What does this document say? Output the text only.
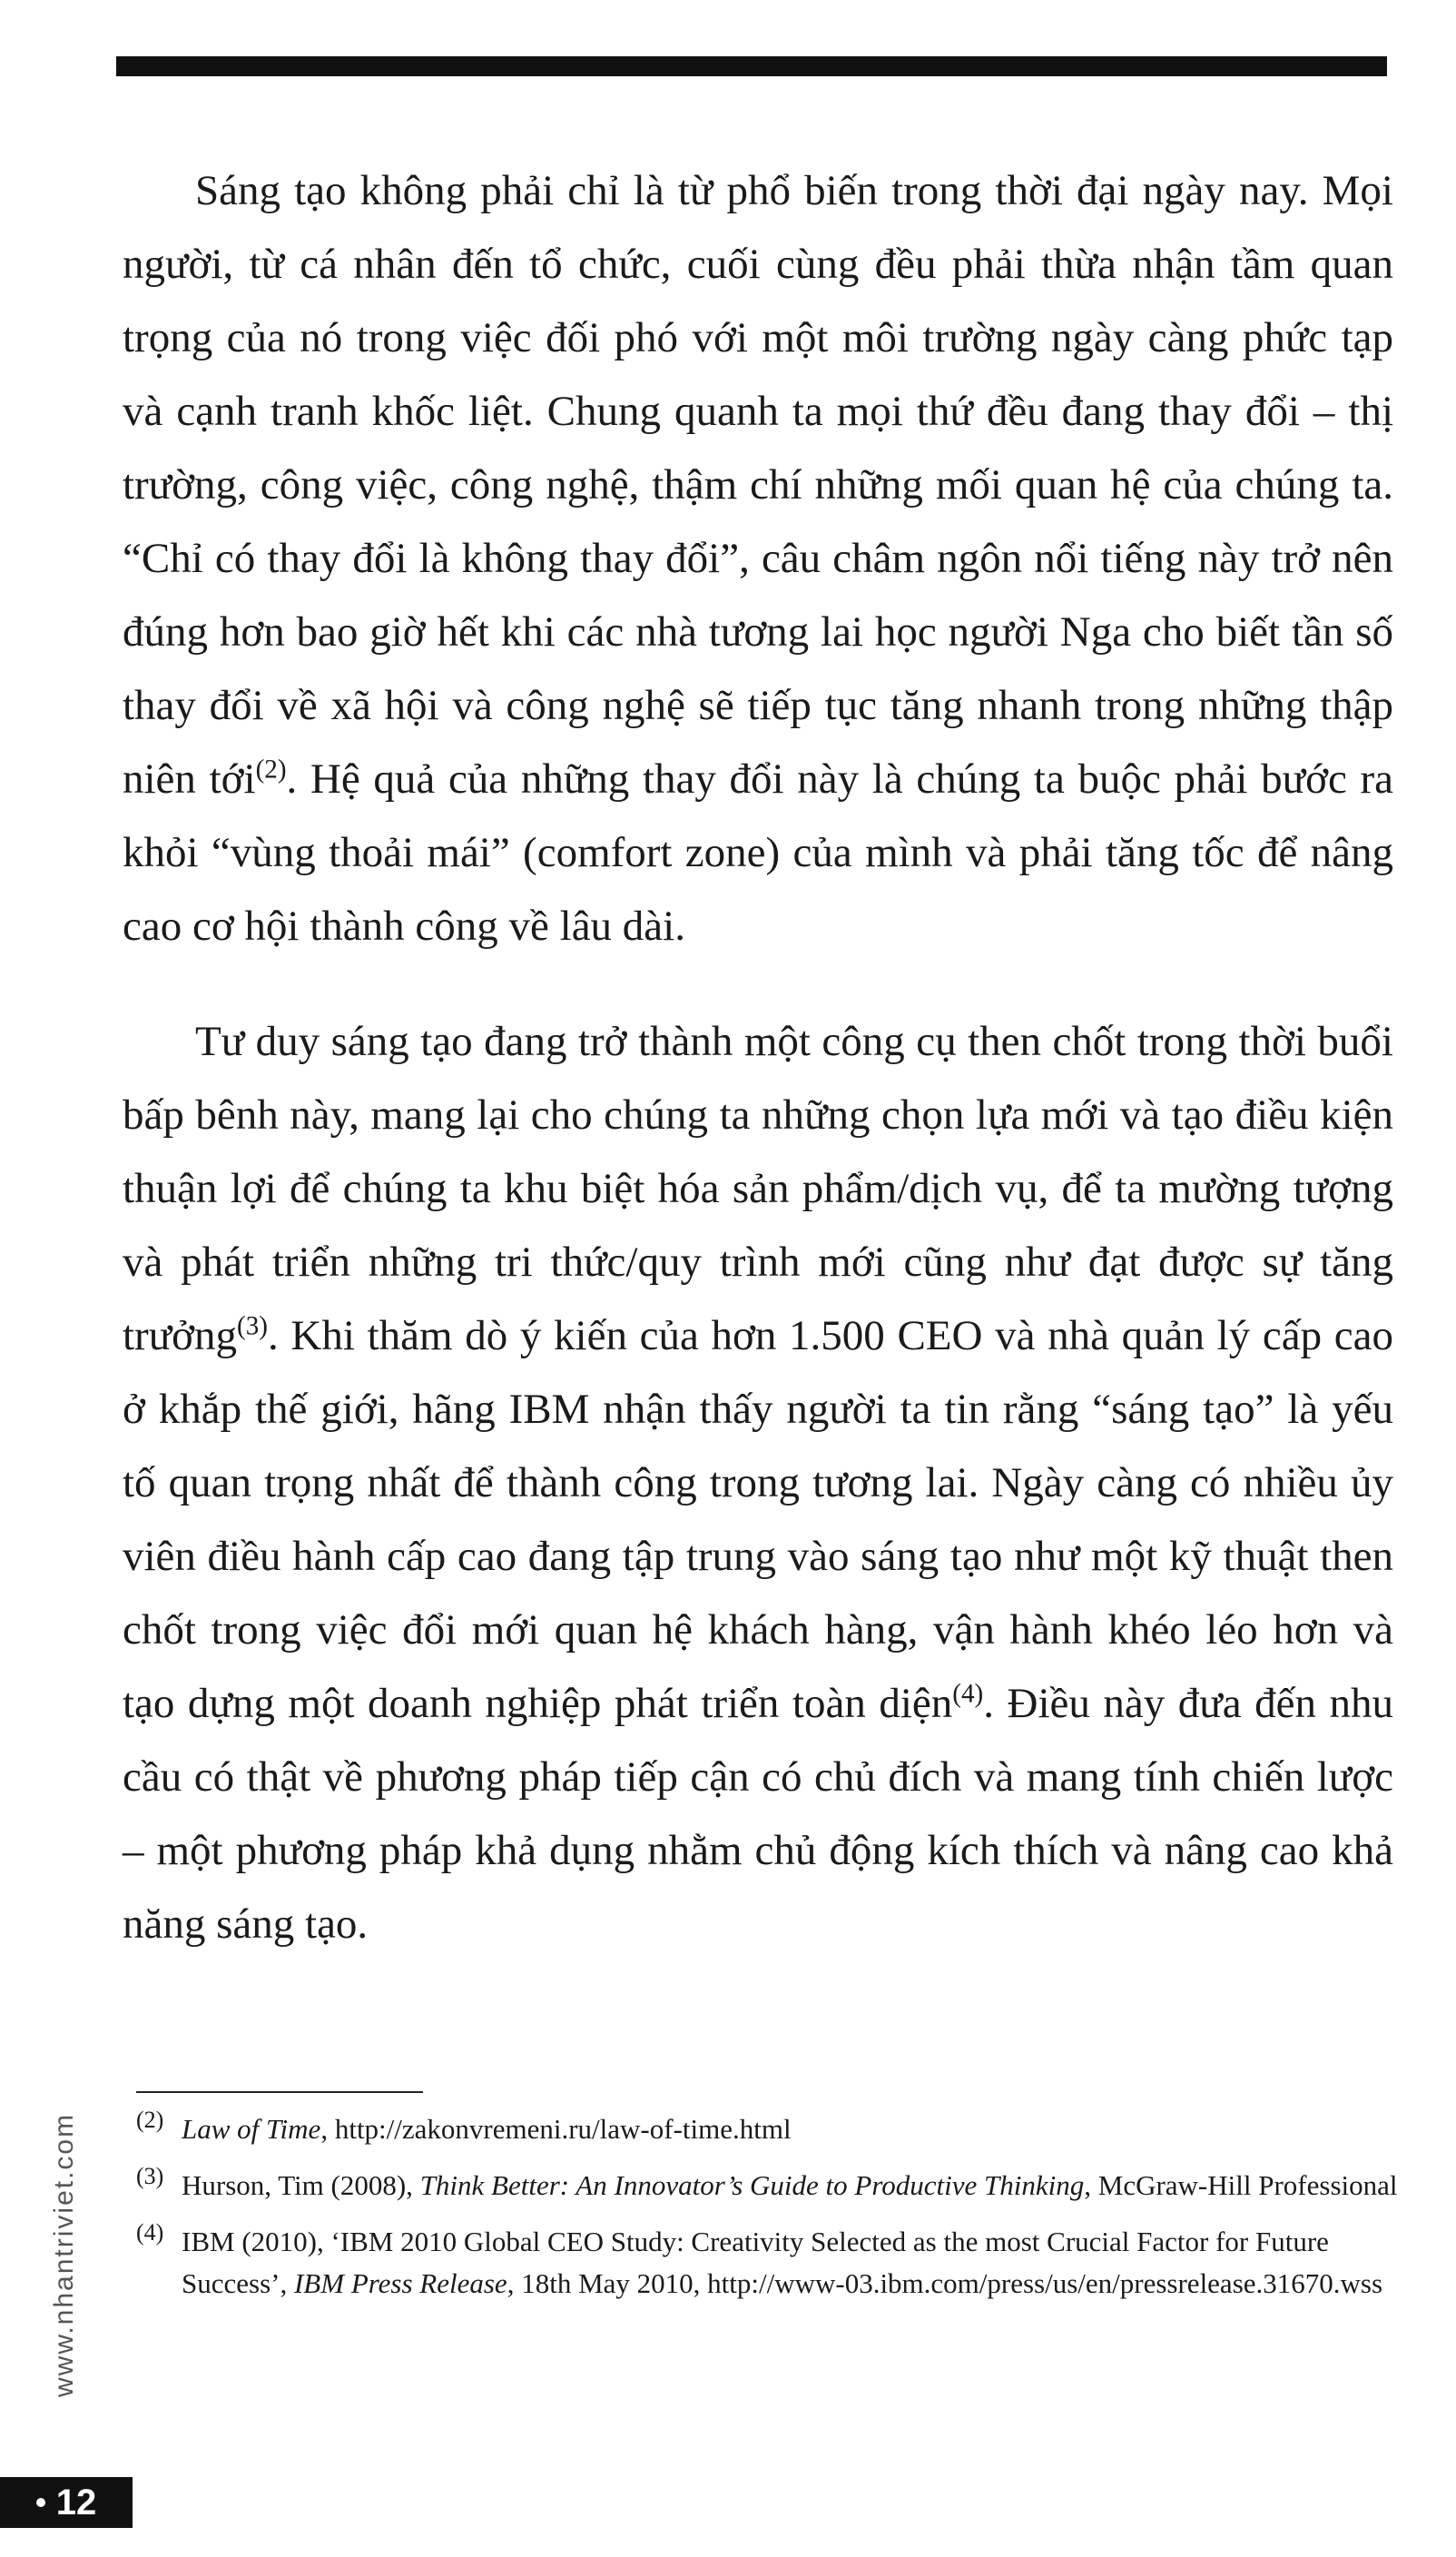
Sáng tạo không phải chỉ là từ phổ biến trong thời đại ngày nay. Mọi người, từ cá nhân đến tổ chức, cuối cùng đều phải thừa nhận tầm quan trọng của nó trong việc đối phó với một môi trường ngày càng phức tạp và cạnh tranh khốc liệt. Chung quanh ta mọi thứ đều đang thay đổi – thị trường, công việc, công nghệ, thậm chí những mối quan hệ của chúng ta. “Chỉ có thay đổi là không thay đổi”, câu châm ngôn nổi tiếng này trở nên đúng hơn bao giờ hết khi các nhà tương lai học người Nga cho biết tần số thay đổi về xã hội và công nghệ sẽ tiếp tục tăng nhanh trong những thập niên tới$^{(2)}$. Hệ quả của những thay đổi này là chúng ta buộc phải bước ra khỏi “vùng thoải mái” (comfort zone) của mình và phải tăng tốc để nâng cao cơ hội thành công về lâu dài.

Tư duy sáng tạo đang trở thành một công cụ then chốt trong thời buổi bấp bênh này, mang lại cho chúng ta những chọn lựa mới và tạo điều kiện thuận lợi để chúng ta khu biệt hóa sản phẩm/dịch vụ, để ta mường tượng và phát triển những tri thức/quy trình mới cũng như đạt được sự tăng trưởng$^{(3)}$. Khi thăm dò ý kiến của hơn 1.500 CEO và nhà quản lý cấp cao ở khắp thế giới, hãng IBM nhận thấy người ta tin rằng “sáng tạo” là yếu tố quan trọng nhất để thành công trong tương lai. Ngày càng có nhiều ủy viên điều hành cấp cao đang tập trung vào sáng tạo như một kỹ thuật then chốt trong việc đổi mới quan hệ khách hàng, vận hành khéo léo hơn và tạo dựng một doanh nghiệp phát triển toàn diện$^{(4)}$. Điều này đưa đến nhu cầu có thật về phương pháp tiếp cận có chủ đích và mang tính chiến lược – một phương pháp khả dụng nhằm chủ động kích thích và nâng cao khả năng sáng tạo.

(2) Law of Time, http://zakonvremeni.ru/law-of-time.html
(3) Hurson, Tim (2008), Think Better: An Innovator’s Guide to Productive Thinking, McGraw-Hill Professional
(4) IBM (2010), ‘IBM 2010 Global CEO Study: Creativity Selected as the most Crucial Factor for Future Success’, IBM Press Release, 18th May 2010, http://www-03.ibm.com/press/us/en/pressrelease.31670.wss
www.nhantriviet.com
12
